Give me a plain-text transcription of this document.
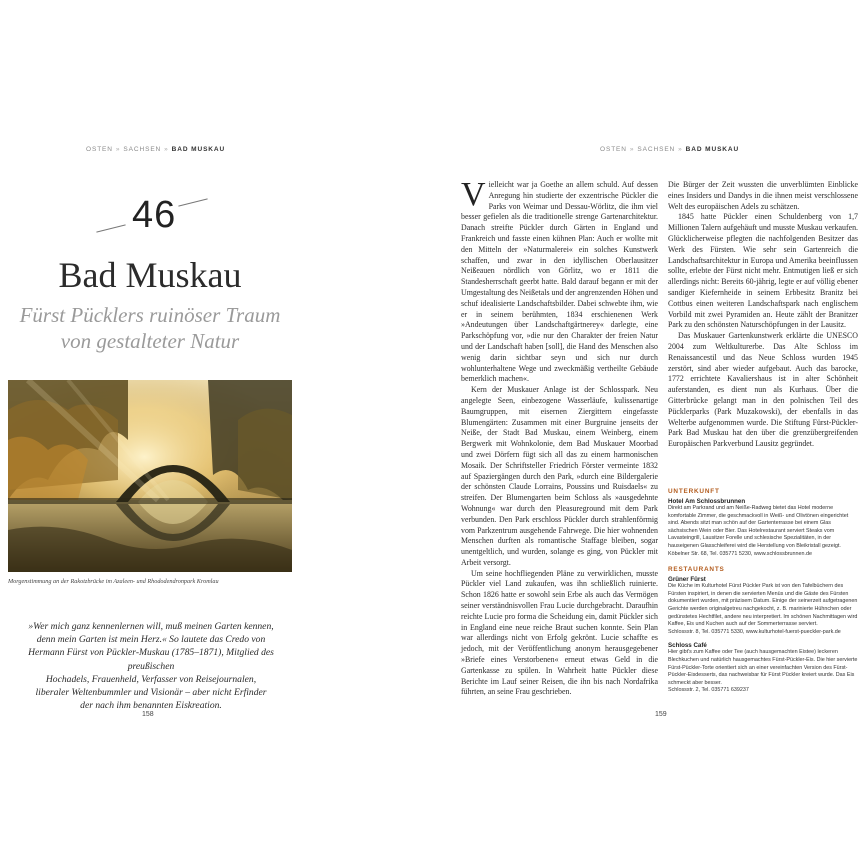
OSTEN » SACHSEN » BAD MUSKAU
46
Bad Muskau
Fürst Pücklers ruinöser Traum
von gestalteter Natur
Morgenstimmung an der Rakotzbrücke im Azaleen- und Rhododendronpark Kromlau
»Wer mich ganz kennenlernen will, muß meinen Garten kennen,
denn mein Garten ist mein Herz.« So lautete das Credo von
Hermann Fürst von Pückler-Muskau (1785–1871), Mitglied des preußischen
Hochadels, Frauenheld, Verfasser von Reisejournalen,
liberaler Weltenbummler und Visionär – aber nicht Erfinder
der nach ihm benannten Eiskreation.
158
OSTEN » SACHSEN » BAD MUSKAU

Vielleicht war ja Goethe an allem schuld. Auf dessen Anregung hin studierte der exzentrische Pückler die Parks von Weimar und Dessau-Wörlitz, die ihm viel besser gefielen als die traditionelle strenge Gartenarchitektur. Danach streifte Pückler durch Gärten in England und Frankreich und fasste einen kühnen Plan: Auch er wollte mit den Mitteln der »Naturmalerei« ein solches Kunstwerk schaffen, und zwar in den idyllischen Oberlausitzer Neißeauen nördlich von Görlitz, wo er 1811 die Standesherrschaft geerbt hatte. Bald darauf begann er mit der Umgestaltung des Neißetals und der angrenzenden Höhen und schuf idealisierte Landschaftsbilder. Dabei schwebte ihm, wie er in seinem berühmten, 1834 erschienenen Werk »Andeutungen über Landschaftgärtnerey« darlegte, eine Parkschöpfung vor, »die nur den Charakter der freien Natur und der Landschaft haben [soll], die Hand des Menschen also wenig darin sichtbar seyn und sich nur durch wohlunterhaltene Wege und zweckmäßig vertheilte Gebäude bemerklich machen«.

Kern der Muskauer Anlage ist der Schlosspark. Neu angelegte Seen, einbezogene Wasserläufe, kulissenartige Baumgruppen, mit eisernen Ziergittern eingefasste Blumengärten: Zusammen mit einer Burgruine jenseits der Neiße, der Stadt Bad Muskau, einem Weinberg, einem Bergwerk mit Wohnkolonie, dem Bad Muskauer Moorbad und zwei Dörfern fügt sich all das zu einem harmonischen Mosaik. Der Schriftsteller Friedrich Förster vermeinte 1832 auf Spaziergängen durch den Park, »durch eine Bildergalerie der schönsten Claude Lorrains, Poussins und Ruisdaels« zu streifen. Der Blumengarten beim Schloss als »ausgedehnte Wohnung« war durch den Pleasureground mit dem Park verbunden. Den Park erschloss Pückler durch strahlenförmig vom Parkzentrum ausgehende Fahrwege. Die hier wohnenden Menschen durften als romantische Staffage bleiben, sogar unentgeltlich, und wurden, solange es ging, von Pückler mit Arbeit versorgt.

Um seine hochfliegenden Pläne zu verwirklichen, musste Pückler viel Land zukaufen, was ihn schließlich ruinierte. Schon 1826 hatte er sowohl sein Erbe als auch das Vermögen seiner verständnisvollen Frau Lucie durchgebracht. Daraufhin reichte Lucie pro forma die Scheidung ein, damit Pückler sich in England eine neue reiche Braut suchen konnte. Sein Plan war allerdings nicht von Erfolg gekrönt. Lucie schaffte es jedoch, mit der Veröffentlichung anonym herausgegebener »Briefe eines Verstorbenen« erneut etwas Geld in die Gartenkasse zu spülen. In Wahrheit hatte Pückler diese Berichte im Lauf seiner Reisen, die ihn bis nach Nordafrika führten, an seine Frau geschrieben.

Die Bürger der Zeit wussten die unverblümten Einblicke eines Insiders und Dandys in die ihnen meist verschlossene Welt des europäischen Adels zu schätzen.

1845 hatte Pückler einen Schuldenberg von 1,7 Millionen Talern aufgehäuft und musste Muskau verkaufen. Glücklicherweise pflegten die nachfolgenden Besitzer das Werk des Fürsten. Wie sehr sein Gartenreich die Landschaftsarchitektur in Europa und Amerika beeinflussen sollte, erlebte der Fürst nicht mehr. Entmutigen ließ er sich allerdings nicht: Bereits 60-jährig, legte er auf völlig ebener sandiger Kiefernheide in seinem Erbbesitz Branitz bei Cottbus einen weiteren Landschaftspark nach englischem Vorbild mit zwei Pyramiden an. Heute zählt der Branitzer Park zu den schönsten Naturschöpfungen in der Lausitz.

Das Muskauer Gartenkunstwerk erklärte die UNESCO 2004 zum Weltkulturerbe. Das Alte Schloss im Renaissancestil und das Neue Schloss wurden 1945 zerstört, sind aber wieder aufgebaut. Auch das barocke, 1772 errichtete Kavaliershaus ist in alter Schönheit auferstanden, es dient nun als Kurhaus. Über die Gitterbrücke gelangt man in den polnischen Teil des Pücklerparks (Park Muzakowski), der ebenfalls in das Welterbe aufgenommen wurde. Die Stiftung Fürst-Pückler-Park Bad Muskau hat den über die grenzübergreifenden Europäischen Parkverbund Lausitz gegründet.

UNTERKUNFT

Hotel Am Schlossbrunnen

Direkt am Parkrand und am Neiße-Radweg bietet das Hotel moderne komfortable Zimmer, die geschmackvoll in Weiß- und Olivtönen eingerichtet sind. Abends sitzt man schön auf der Gartenterrasse bei einem Glas sächsischen Wein oder Bier. Das Hotelrestaurant serviert Steaks vom Lavasteingrill, Lausitzer Forelle und schlesische Spezialitäten, in der hauseigenen Glasschleiferei wird die Herstellung von Bleikristall gezeigt.

Köbelner Str. 68, Tel. 035771 5230, www.schlossbrunnen.de

RESTAURANTS

Grüner Fürst

Die Küche im Kulturhotel Fürst Pückler Park ist von den Tafelbüchern des Fürsten inspiriert, in denen die servierten Menüs und die Gäste des Fürsten dokumentiert wurden, mit präzisem Datum. Einige der seinerzeit aufgetragenen Gerichte werden originalgetreu nachgekocht, z. B. marinierte Hühnchen oder gedünstetes Hechtfilet, andere neu interpretiert. Im schönen Nachmittagen wird Kaffee, Eis und Kuchen auch auf der Sommerterrasse serviert.

Schlossstr. 8, Tel. 035771 5330, www.kulturhotel-fuerst-pueckler-park.de

Schloss Café

Hier gibt's zum Kaffee oder Tee (auch hausgemachten Eistee) leckeren Blechkuchen und natürlich hausgemachtes Fürst-Pückler-Eis. Die hier servierte Fürst-Pückler-Torte orientiert sich an einer vereinfachten Version des Fürst-Pückler-Eisdesserts, das nachweisbar für Fürst Pückler kreiert wurde. Das Eis schmeckt aber besser.

Schlossstr. 2, Tel. 035771 639237

159
